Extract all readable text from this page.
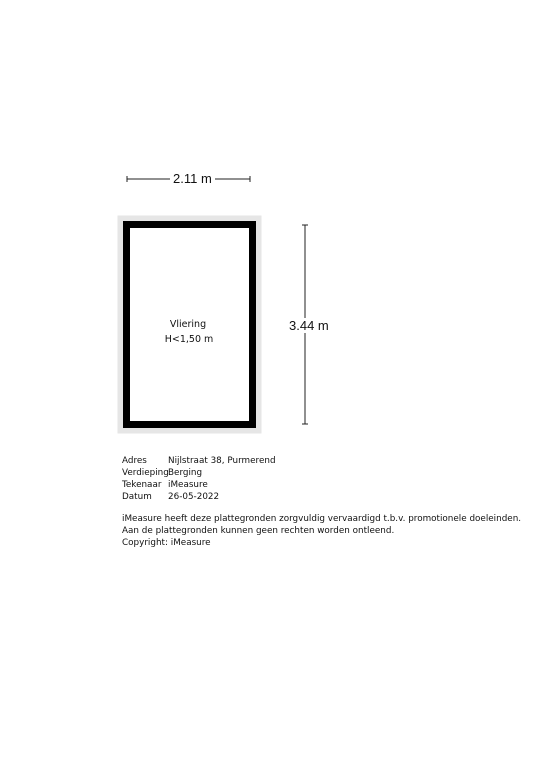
2.11 m
3.44 m
Vliering
H<1,50 m
Adres	Nijlstraat 38, Purmerend
Verdieping Berging
Tekenaar iMeasure
Datum	26-05-2022
iMeasure heeft deze plattegronden zorgvuldig vervaardigd t.b.v. promotionele doeleinden.
Aan de plattegronden kunnen geen rechten worden ontleend.
Copyright: iMeasure
